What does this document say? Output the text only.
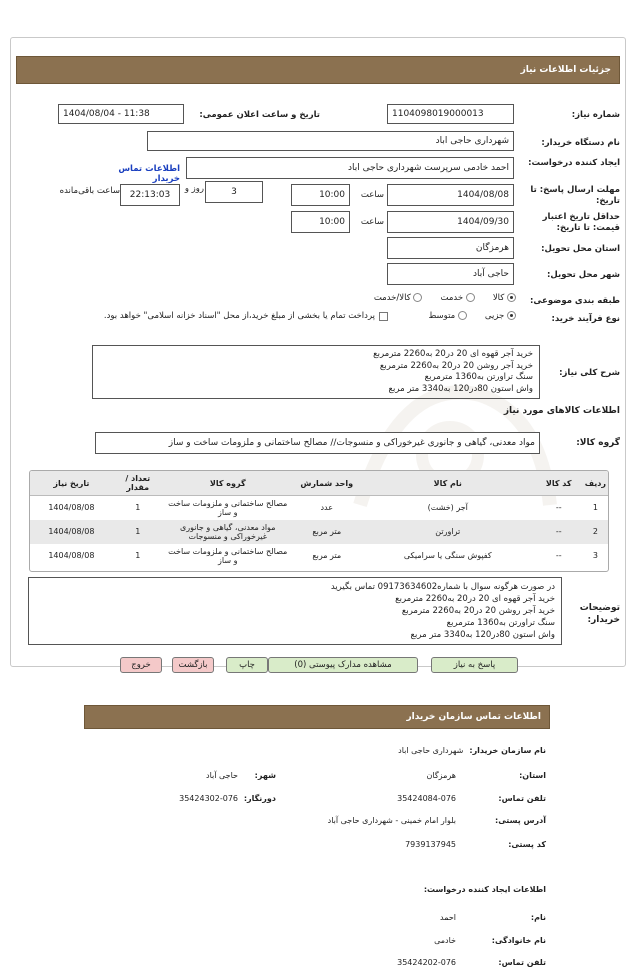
جزئیات اطلاعات نیاز
شماره نیاز:
1104098019000013
تاریخ و ساعت اعلان عمومی:
1404/08/04 - 11:38
نام دستگاه خریدار:
شهرداری حاجی اباد
ایجاد کننده درخواست:
احمد خادمی سرپرست شهرداری حاجی اباد
اطلاعات تماس خریدار
مهلت ارسال پاسخ: تا تاریخ:
1404/08/08
ساعت
10:00
3
روز و
22:13:03
ساعت باقی‌مانده
حداقل تاریخ اعتبار قیمت: تا تاریخ:
1404/09/30
ساعت
10:00
استان محل تحویل:
هرمزگان
شهر محل تحویل:
حاجی آباد
طبقه بندی موضوعی:
کالا
خدمت
کالا/خدمت
نوع فرآیند خرید:
جزیی
متوسط
پرداخت تمام یا بخشی از مبلغ خرید،از محل "اسناد خزانه اسلامی" خواهد بود.
شرح کلی نیاز:
خرید آجر قهوه ای 20 در20 به2260 مترمربع
خرید آجر روشن 20 در20 به2260 مترمربع
سنگ تراورتن به1360 مترمربع
واش استون 80در120 به3340 متر مربع
اطلاعات کالاهای مورد نیاز
گروه کالا:
مواد معدنی، گیاهی و جانوری غیرخوراکی و منسوجات// مصالح ساختمانی و ملزومات ساخت و ساز
ردیف	کد کالا	نام کالا	واحد شمارش	گروه کالا	تعداد / مقدار	تاریخ نیاز
1	--	آجر (خشت)	عدد	مصالح ساختمانی و ملزومات ساخت و ساز	1	1404/08/08
2	--	تراورتن	متر مربع	مواد معدنی، گیاهی و جانوری غیرخوراکی و منسوجات	1	1404/08/08
3	--	کفپوش سنگی یا سرامیکی	متر مربع	مصالح ساختمانی و ملزومات ساخت و ساز	1	1404/08/08
توضیحات خریدار:
در صورت هرگونه سوال با شماره09173634602 تماس بگیرید
خرید آجر قهوه ای 20 در20 به2260 مترمربع
خرید آجر روشن 20 در20 به2260 مترمربع
سنگ تراورتن به1360 مترمربع
واش استون 80در120 به3340 متر مربع
پاسخ به نیاز
مشاهده مدارک پیوستی (0)
چاپ
بازگشت
خروج
اطلاعات تماس سازمان خریدار
نام سازمان خریدار:
شهرداری حاجی اباد
استان:
هرمزگان
شهر:
حاجی آباد
تلفن تماس:
35424084-076
دورنگار:
35424302-076
آدرس پستی:
بلوار امام خمینی - شهرداری حاجی آباد
کد پستی:
7939137945
اطلاعات ایجاد کننده درخواست:
نام:
احمد
نام خانوادگی:
خادمی
تلفن تماس:
35424202-076
